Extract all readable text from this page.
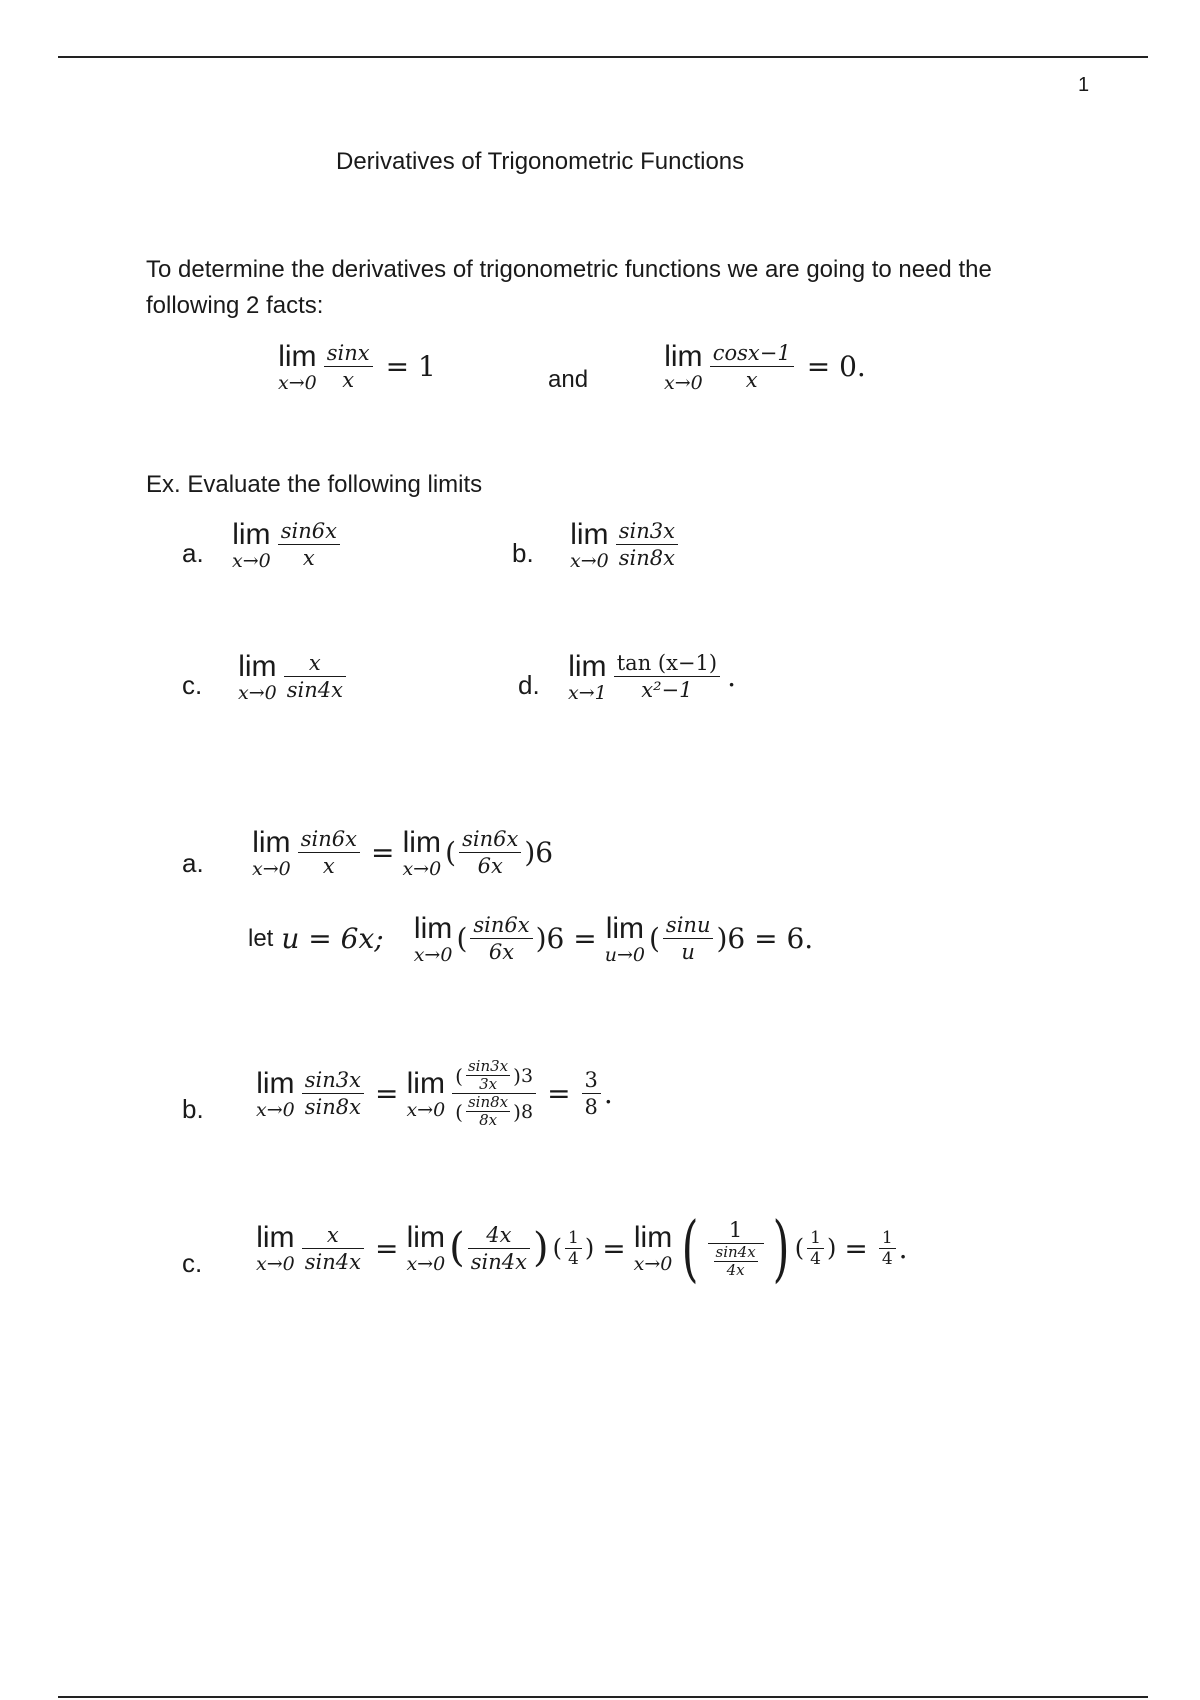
1
Derivatives of Trigonometric Functions
To determine the derivatives of trigonometric functions we are going to need the
following 2 facts:
lim
$x\to 0 \frac{\sin x}{x} = 1$	and
lim
$x\to 0 \frac{\cos x-1}{x} = 0$.
Ex. Evaluate the following limits
a.
lim
$x\to 0 \frac{\sin 6x}{x}$	b.
lim
$x\to 0 \frac{\sin 3x}{\sin 8x}$
c.
lim
$x\to 0 \frac{x}{\sin 4x}$	d.
lim
$x\to 1 \frac{\tan (x-1)}{\text{x²−1}}$ .
a.
lim
$x\to 0 \frac{\sin 6x}{x} = \lim$
x→0 ( $\frac{\sin 6x}{6x}$ ) 6
let u = 6x; lim
x→0 ( $\frac{\sin 6x}{6x}$ ) 6 = lim
u→0 ( $\frac{\sin u}{u}$ ) 6 = 6.
b.
lim
$x\to 0 \frac{\sin 3x}{\sin 8x} = \lim$
$x\to 0 \frac{( \frac{\sin 3x}{3x} ) 3}{( \frac{\sin 8x}{8x} ) 8} = \frac{3}{8}$ .
c.
lim
$x\to 0 \frac{x}{\sin 4x} = \lim$
x→0 ( $\frac{4x}{\sin 4x}$ ) ( $\frac{1}{4}$ ) = lim
x→0 ( $\frac{1}{\frac{\sin 4x}{4x}}$ ) ( $\frac{1}{4}$ ) = $\frac{1}{4}$ .
